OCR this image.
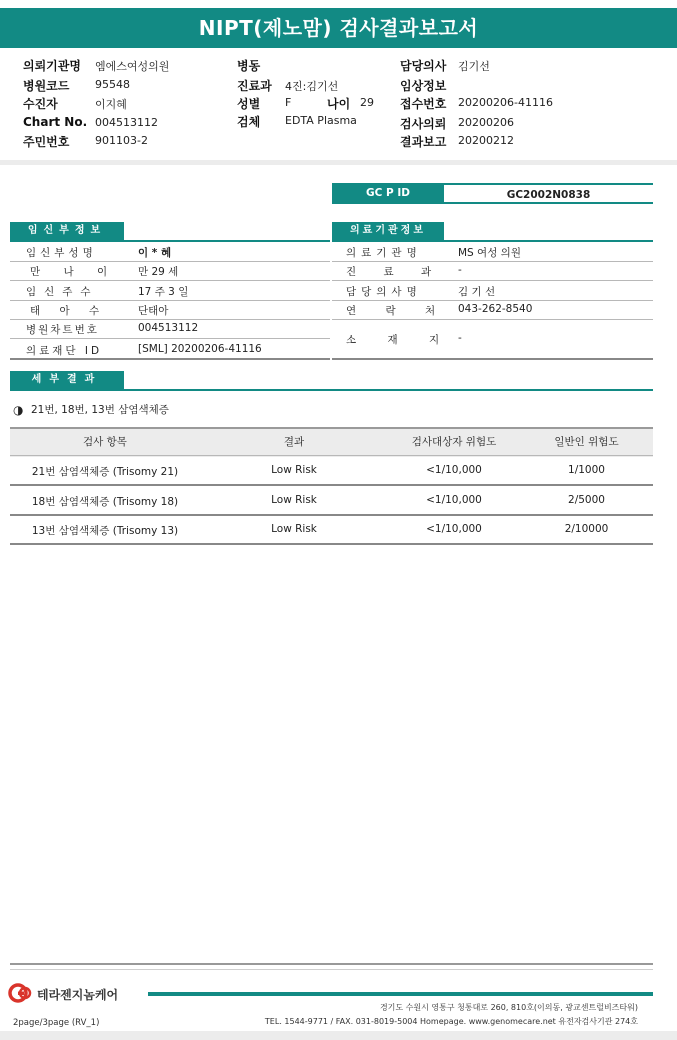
NIPT(제노맘) 검사결과보고서
의뢰기관명 엠에스여성의원
병원코드 95548
수진자	이지혜
Chart No. 004513112
주민번호 901103-2
병동
진료과 4진:김기선
성별 F	나이 29
검체 EDTA Plasma
담당의사 김기선
임상정보
접수번호 20200206-41116
검사의뢰 20200206
결과보고 20200212
GC P ID	GC2002N0838
임신부정보
임신부성명	이 * 혜
만 나 이 만 29 세
임신주수	17 주 3 일
태 아 수	단태아
병원차트번호	004513112
의료재단 ID	[SML] 20200206-41116
의료기관정보
의료기관명	MS 여성 의원
진 료 과 -
담당의사명	김 기 선
연 락 처 043-262-8540
소 재 지 -
세부결과
◑ 21번, 18번, 13번 삼염색체증
검사 항목	결과	검사대상자 위험도	일반인 위험도
21번 삼염색체증 (Trisomy 21)	Low Risk	<1/10,000	1/1000
18번 삼염색체증 (Trisomy 18)	Low Risk	<1/10,000	2/5000
13번 삼염색체증 (Trisomy 13)	Low Risk	<1/10,000	2/10000
테라젠지놈케어
경기도 수원시 영통구 청통대로 260, 810호(이의동, 광교센트럴비즈타워)
TEL. 1544-9771 / FAX. 031-8019-5004 Homepage. www.genomecare.net 유전자검사기관 274호
2page/3page (RV_1)
